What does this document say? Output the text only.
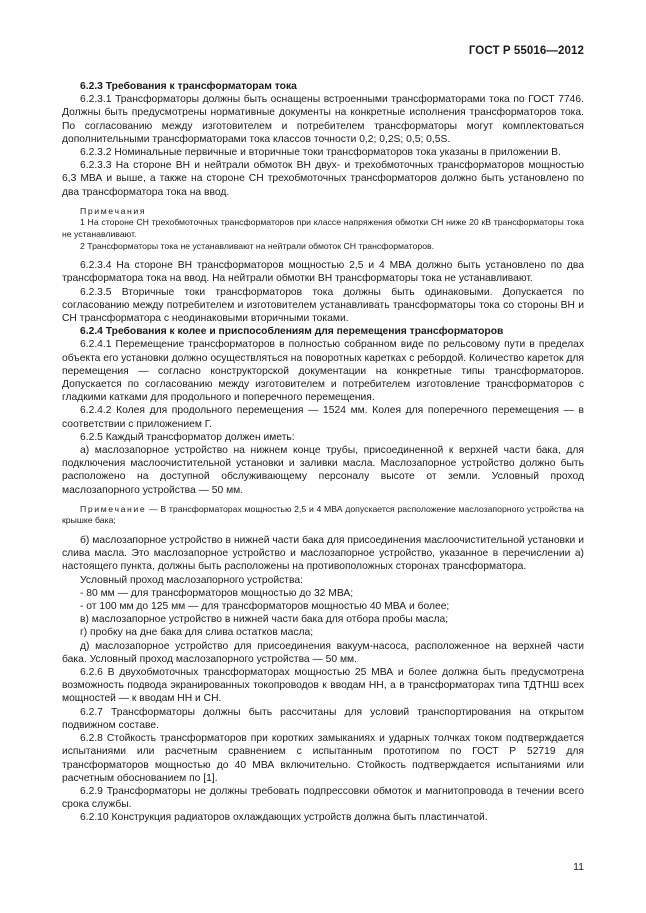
ГОСТ Р 55016—2012

6.2.3 Требования к трансформаторам тока

6.2.3.1 Трансформаторы должны быть оснащены встроенными трансформаторами тока по ГОСТ 7746. Должны быть предусмотрены нормативные документы на конкретные исполнения трансформаторов тока. По согласованию между изготовителем и потребителем трансформаторы могут комплектоваться дополнительными трансформаторами тока классов точности 0,2; 0,2S; 0,5; 0,5S.

6.2.3.2 Номинальные первичные и вторичные токи трансформаторов тока указаны в приложении В.

6.2.3.3 На стороне ВН и нейтрали обмоток ВН двух- и трехобмоточных трансформаторов мощностью 6,3 МВА и выше, а также на стороне СН трехобмоточных трансформаторов должно быть установлено по два трансформатора тока на ввод.

Примечания

1 На стороне СН трехобмоточных трансформаторов при классе напряжения обмотки СН ниже 20 кВ трансформаторы тока не устанавливают.

2 Трансформаторы тока не устанавливают на нейтрали обмоток СН трансформаторов.

6.2.3.4 На стороне ВН трансформаторов мощностью 2,5 и 4 МВА должно быть установлено по два трансформатора тока на ввод. На нейтрали обмотки ВН трансформаторы тока не устанавливают.

6.2.3.5 Вторичные токи трансформаторов тока должны быть одинаковыми. Допускается по согласованию между потребителем и изготовителем устанавливать трансформаторы тока со стороны ВН и СН трансформатора с неодинаковыми вторичными токами.

6.2.4 Требования к колее и приспособлениям для перемещения трансформаторов

6.2.4.1 Перемещение трансформаторов в полностью собранном виде по рельсовому пути в пределах объекта его установки должно осуществляться на поворотных каретках с ребордой. Количество кареток для перемещения — согласно конструкторской документации на конкретные типы трансформаторов. Допускается по согласованию между изготовителем и потребителем изготовление трансформаторов с гладкими катками для продольного и поперечного перемещения.

6.2.4.2 Колея для продольного перемещения — 1524 мм. Колея для поперечного перемещения — в соответствии с приложением Г.

6.2.5 Каждый трансформатор должен иметь:

а) маслозапорное устройство на нижнем конце трубы, присоединенной к верхней части бака, для подключения маслоочистительной установки и заливки масла. Маслозапорное устройство должно быть расположено на доступной обслуживающему персоналу высоте от земли. Условный проход маслозапорного устройства — 50 мм.

Примечание — В трансформаторах мощностью 2,5 и 4 МВА допускается расположение маслозапорного устройства на крышке бака;

б) маслозапорное устройство в нижней части бака для присоединения маслоочистительной установки и слива масла. Это маслозапорное устройство и маслозапорное устройство, указанное в перечислении а) настоящего пункта, должны быть расположены на противоположных сторонах трансформатора.

Условный проход маслозапорного устройства:

- 80 мм — для трансформаторов мощностью до 32 МВА;

- от 100 мм до 125 мм — для трансформаторов мощностью 40 МВА и более;

в) маслозапорное устройство в нижней части бака для отбора пробы масла;

г) пробку на дне бака для слива остатков масла;

д) маслозапорное устройство для присоединения вакуум-насоса, расположенное на верхней части бака. Условный проход маслозапорного устройства — 50 мм.

6.2.6 В двухобмоточных трансформаторах мощностью 25 МВА и более должна быть предусмотрена возможность подвода экранированных токопроводов к вводам НН, а в трансформаторах типа ТДТНШ всех мощностей — к вводам НН и СН.

6.2.7 Трансформаторы должны быть рассчитаны для условий транспортирования на открытом подвижном составе.

6.2.8 Стойкость трансформаторов при коротких замыканиях и ударных толчках током подтверждается испытаниями или расчетным сравнением с испытанным прототипом по ГОСТ Р 52719 для трансформаторов мощностью до 40 МВА включительно. Стойкость подтверждается испытаниями или расчетным обоснованием по [1].

6.2.9 Трансформаторы не должны требовать подпрессовки обмоток и магнитопровода в течении всего срока службы.

6.2.10 Конструкция радиаторов охлаждающих устройств должна быть пластинчатой.

11
